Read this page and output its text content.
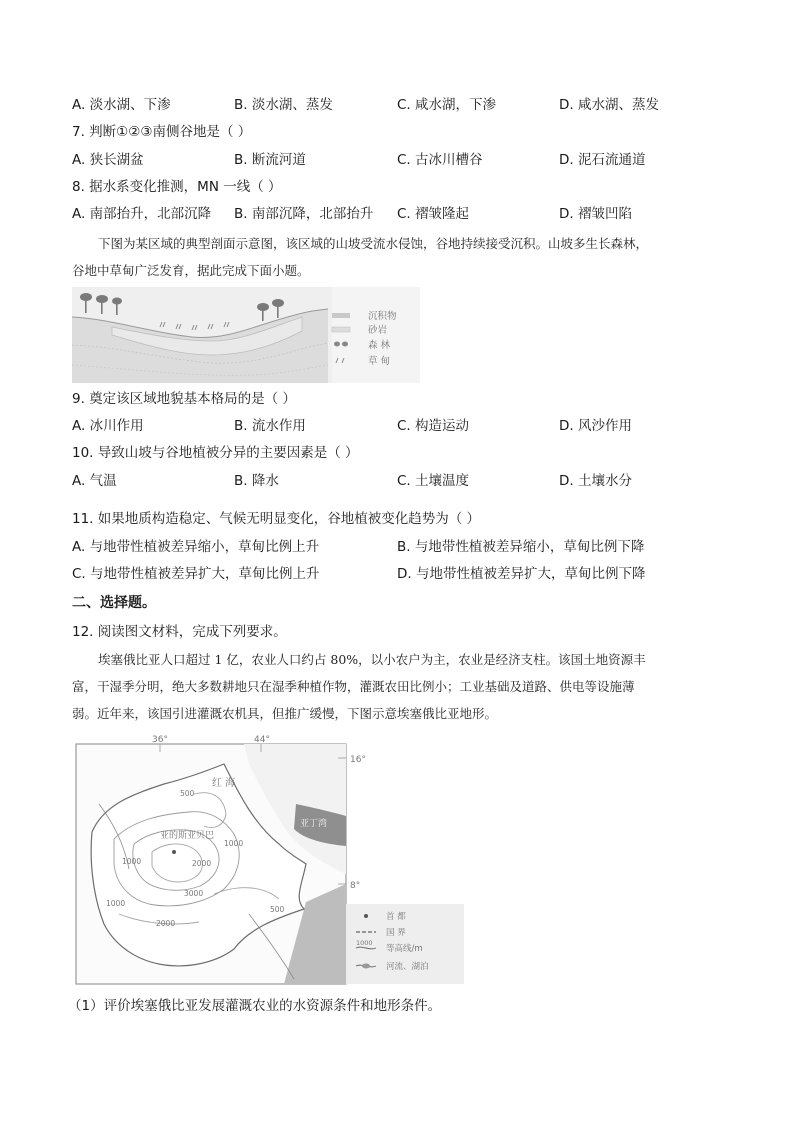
A. 淡水湖、下渗	B. 淡水湖、蒸发	C. 咸水湖，下渗	D. 咸水湖、蒸发
7. 判断①②③南侧谷地是（ ）
A. 狭长湖盆	B. 断流河道	C. 古冰川槽谷	D. 泥石流通道
8. 据水系变化推测，MN 一线（ ）
A. 南部抬升，北部沉降 B. 南部沉降，北部抬升 C. 褶皱隆起	D. 褶皱凹陷
下图为某区域的典型剖面示意图，该区域的山坡受流水侵蚀，谷地持续接受沉积。山坡多生长森林，
谷地中草甸广泛发育，据此完成下面小题。
沉积物
砂岩
森 林
草 甸
9. 奠定该区域地貌基本格局的是（ ）
A. 冰川作用	B. 流水作用	C. 构造运动	D. 风沙作用
10. 导致山坡与谷地植被分异的主要因素是（ ）
A. 气温	B. 降水	C. 土壤温度	D. 土壤水分
11. 如果地质构造稳定、气候无明显变化，谷地植被变化趋势为（ ）
A. 与地带性植被差异缩小，草甸比例上升	B. 与地带性植被差异缩小，草甸比例下降
C. 与地带性植被差异扩大，草甸比例上升	D. 与地带性植被差异扩大，草甸比例下降
二、选择题。
12. 阅读图文材料，完成下列要求。
埃塞俄比亚人口超过 1 亿，农业人口约占 80%，以小农户为主，农业是经济支柱。该国土地资源丰
富，干湿季分明，绝大多数耕地只在湿季种植作物，灌溉农田比例小；工业基础及道路、供电等设施薄
弱。近年来，该国引进灌溉农机具，但推广缓慢，下图示意埃塞俄比亚地形。
36°	44°
16°
8°
红 海
亚丁湾
亚的斯亚贝巴
500
1000
2000
3000
1000
2000
1000
500
1000
首 都
国 界
等高线/m
河流、湖泊
（1）评价埃塞俄比亚发展灌溉农业的水资源条件和地形条件。
